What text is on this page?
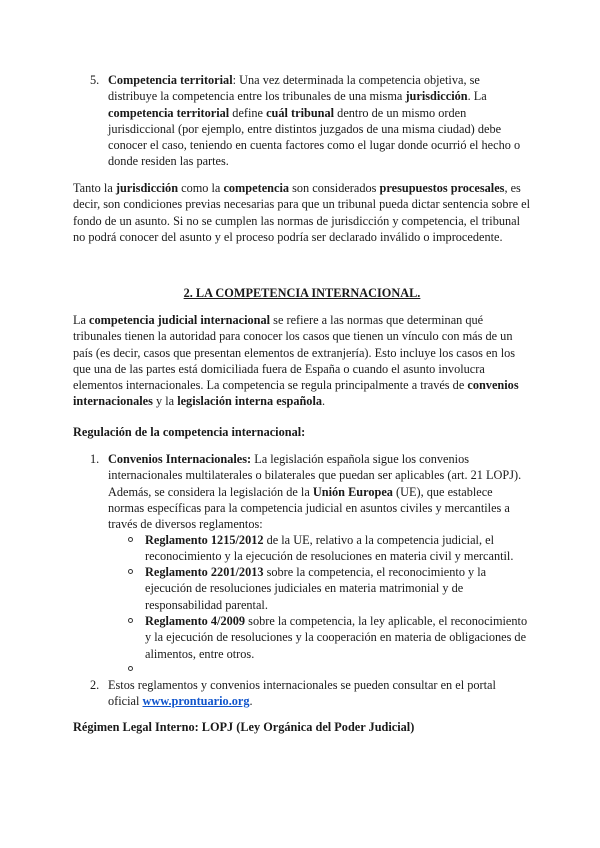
5. Competencia territorial: Una vez determinada la competencia objetiva, se distribuye la competencia entre los tribunales de una misma jurisdicción. La competencia territorial define cuál tribunal dentro de un mismo orden jurisdiccional (por ejemplo, entre distintos juzgados de una misma ciudad) debe conocer el caso, teniendo en cuenta factores como el lugar donde ocurrió el hecho o donde residen las partes.

Tanto la jurisdicción como la competencia son considerados presupuestos procesales, es decir, son condiciones previas necesarias para que un tribunal pueda dictar sentencia sobre el fondo de un asunto. Si no se cumplen las normas de jurisdicción y competencia, el tribunal no podrá conocer del asunto y el proceso podría ser declarado inválido o improcedente.

2. LA COMPETENCIA INTERNACIONAL.

La competencia judicial internacional se refiere a las normas que determinan qué tribunales tienen la autoridad para conocer los casos que tienen un vínculo con más de un país (es decir, casos que presentan elementos de extranjería). Esto incluye los casos en los que una de las partes está domiciliada fuera de España o cuando el asunto involucra elementos internacionales. La competencia se regula principalmente a través de convenios internacionales y la legislación interna española.

Regulación de la competencia internacional:
1. Convenios Internacionales: La legislación española sigue los convenios internacionales multilaterales o bilaterales que puedan ser aplicables (art. 21 LOPJ). Además, se considera la legislación de la Unión Europea (UE), que establece normas específicas para la competencia judicial en asuntos civiles y mercantiles a través de diversos reglamentos:

Reglamento 1215/2012 de la UE, relativo a la competencia judicial, el reconocimiento y la ejecución de resoluciones en materia civil y mercantil.

Reglamento 2201/2013 sobre la competencia, el reconocimiento y la ejecución de resoluciones judiciales en materia matrimonial y de responsabilidad parental.

Reglamento 4/2009 sobre la competencia, la ley aplicable, el reconocimiento y la ejecución de resoluciones y la cooperación en materia de obligaciones de alimentos, entre otros.

2. Estos reglamentos y convenios internacionales se pueden consultar en el portal oficial www.prontuario.org.

Régimen Legal Interno: LOPJ (Ley Orgánica del Poder Judicial)
